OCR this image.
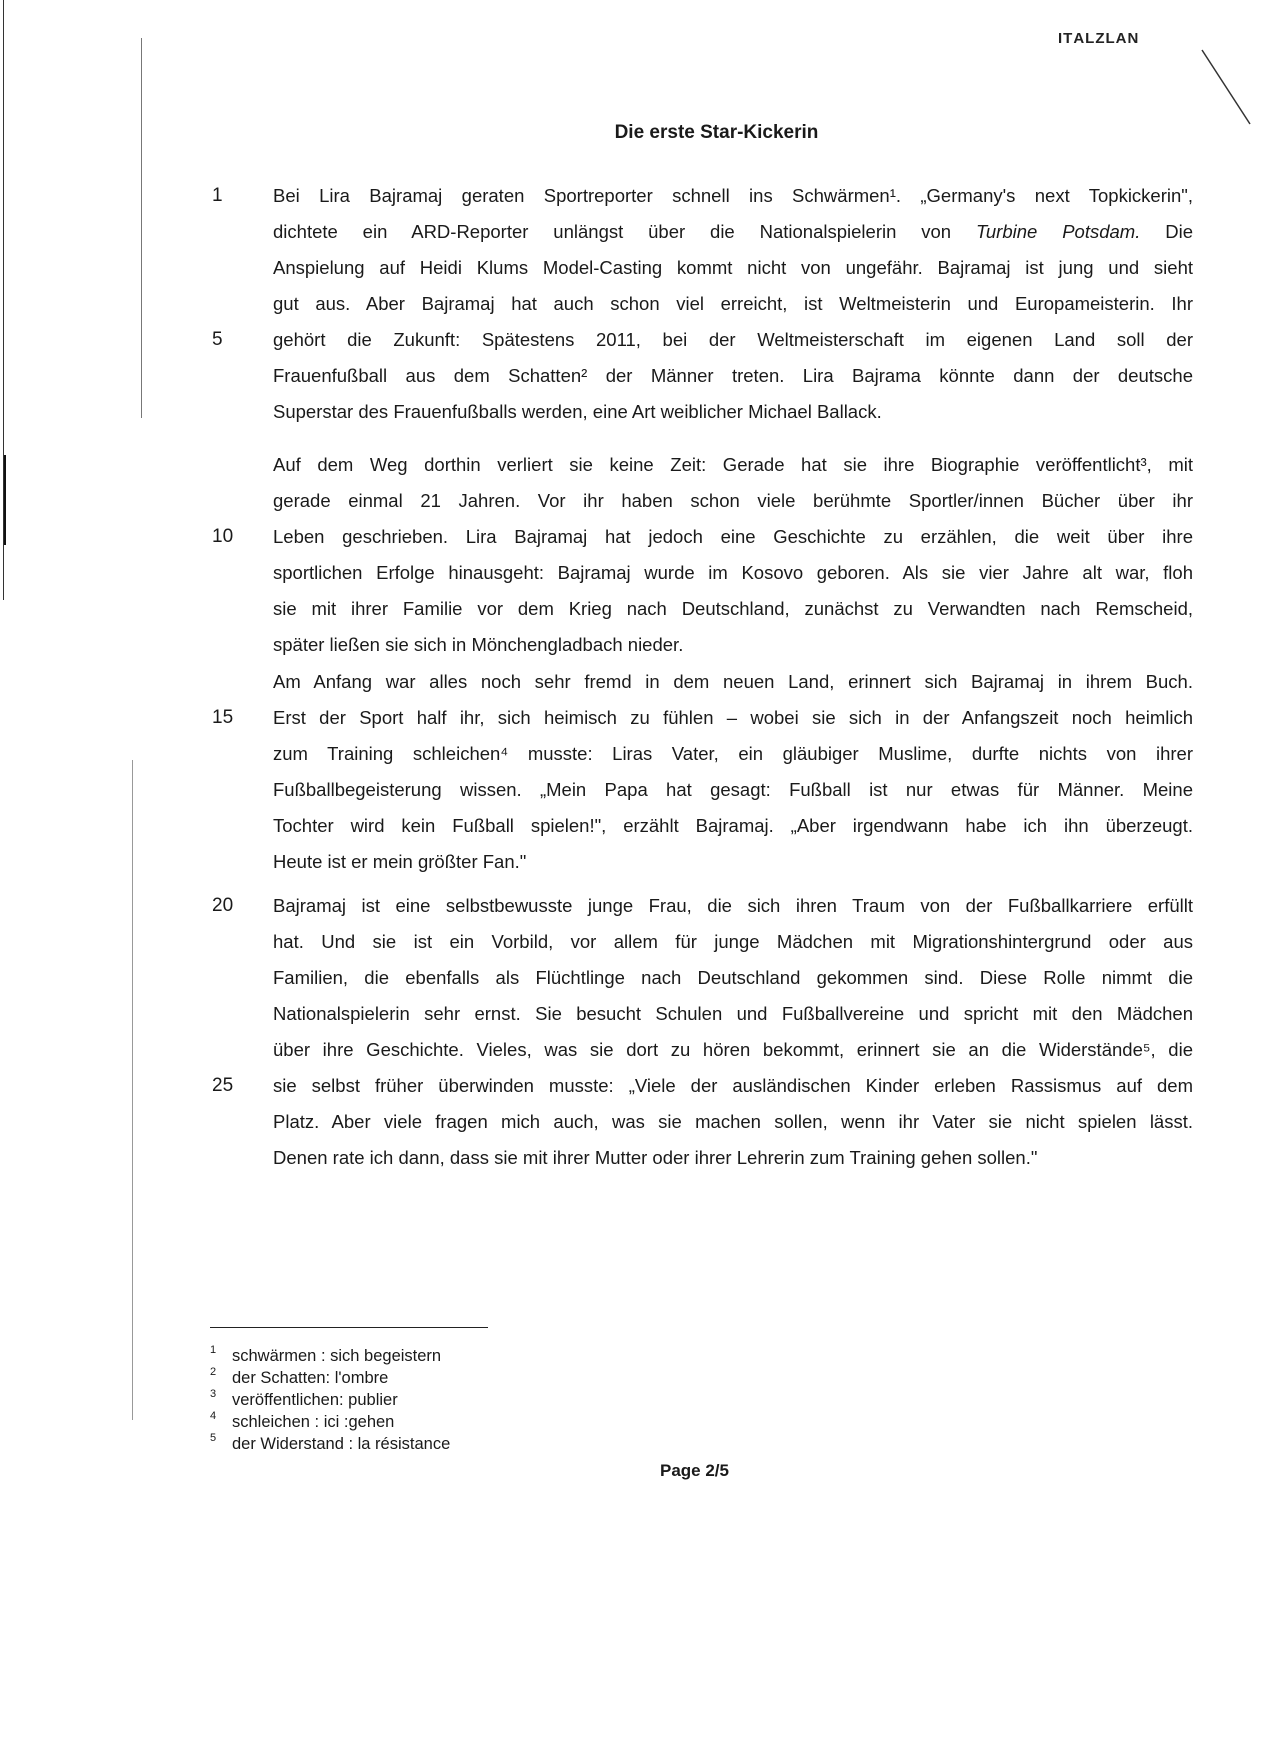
IТALZLAN
Die erste Star-Kickerin
1	Bei Lira Bajramaj geraten Sportreporter schnell ins Schwärmen¹. „Germany's next Topkickerin",
dichtete ein ARD-Reporter unlängst über die Nationalspielerin von Turbine Potsdam. Die
Anspielung auf Heidi Klums Model-Casting kommt nicht von ungefähr. Bajramaj ist jung und sieht
gut aus. Aber Bajramaj hat auch schon viel erreicht, ist Weltmeisterin und Europameisterin. Ihr
5	gehört die Zukunft: Spätestens 2011, bei der Weltmeisterschaft im eigenen Land soll der
Frauenfußball aus dem Schatten² der Männer treten. Lira Bajrama könnte dann der deutsche
Superstar des Frauenfußballs werden, eine Art weiblicher Michael Ballack.
Auf dem Weg dorthin verliert sie keine Zeit: Gerade hat sie ihre Biographie veröffentlicht³, mit
gerade einmal 21 Jahren. Vor ihr haben schon viele berühmte Sportler/innen Bücher über ihr
10	Leben geschrieben. Lira Bajramaj hat jedoch eine Geschichte zu erzählen, die weit über ihre
sportlichen Erfolge hinausgeht: Bajramaj wurde im Kosovo geboren. Als sie vier Jahre alt war, floh
sie mit ihrer Familie vor dem Krieg nach Deutschland, zunächst zu Verwandten nach Remscheid,
später ließen sie sich in Mönchengladbach nieder.
Am Anfang war alles noch sehr fremd in dem neuen Land, erinnert sich Bajramaj in ihrem Buch.
15	Erst der Sport half ihr, sich heimisch zu fühlen – wobei sie sich in der Anfangszeit noch heimlich
zum Training schleichen⁴ musste: Liras Vater, ein gläubiger Muslime, durfte nichts von ihrer
Fußballbegeisterung wissen. „Mein Papa hat gesagt: Fußball ist nur etwas für Männer. Meine
Tochter wird kein Fußball spielen!", erzählt Bajramaj. „Aber irgendwann habe ich ihn überzeugt.
Heute ist er mein größter Fan."
20	Bajramaj ist eine selbstbewusste junge Frau, die sich ihren Traum von der Fußballkarriere erfüllt
hat. Und sie ist ein Vorbild, vor allem für junge Mädchen mit Migrationshintergrund oder aus
Familien, die ebenfalls als Flüchtlinge nach Deutschland gekommen sind. Diese Rolle nimmt die
Nationalspielerin sehr ernst. Sie besucht Schulen und Fußballvereine und spricht mit den Mädchen
über ihre Geschichte. Vieles, was sie dort zu hören bekommt, erinnert sie an die Widerstände⁵, die
25	sie selbst früher überwinden musste: „Viele der ausländischen Kinder erleben Rassismus auf dem
Platz. Aber viele fragen mich auch, was sie machen sollen, wenn ihr Vater sie nicht spielen lässt.
Denen rate ich dann, dass sie mit ihrer Mutter oder ihrer Lehrerin zum Training gehen sollen."
1 schwärmen : sich begeistern
2 der Schatten: l'ombre
3 veröffentlichen: publier
4 schleichen : ici :gehen
5 der Widerstand : la résistance
Page 2/5
